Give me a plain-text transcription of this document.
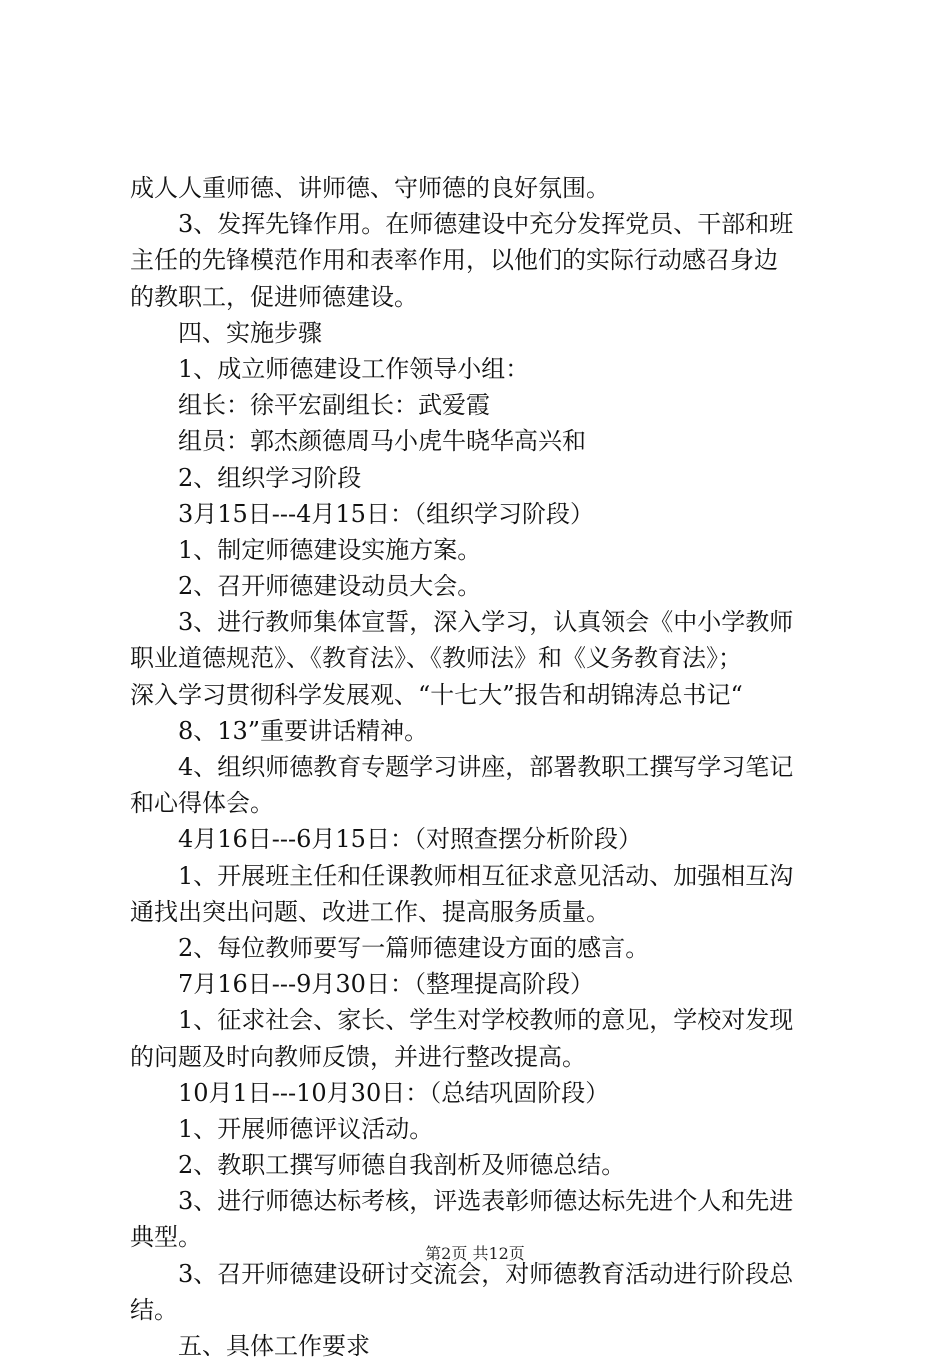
成人人重师德、讲师德、守师德的良好氛围。
3、发挥先锋作用。在师德建设中充分发挥党员、干部和班
主任的先锋模范作用和表率作用，以他们的实际行动感召身边
的教职工，促进师德建设。
四、实施步骤
1、成立师德建设工作领导小组：
组长：徐平宏副组长：武爱霞
组员：郭杰颜德周马小虎牛晓华高兴和
2、组织学习阶段
3月15日---4月15日：（组织学习阶段）
1、制定师德建设实施方案。
2、召开师德建设动员大会。
3、进行教师集体宣誓，深入学习，认真领会《中小学教师
职业道德规范》、《教育法》、《教师法》和《义务教育法》；
深入学习贯彻科学发展观、“十七大”报告和胡锦涛总书记“
8、13”重要讲话精神。
4、组织师德教育专题学习讲座，部署教职工撰写学习笔记
和心得体会。
4月16日---6月15日：（对照查摆分析阶段）
1、开展班主任和任课教师相互征求意见活动、加强相互沟
通找出突出问题、改进工作、提高服务质量。
2、每位教师要写一篇师德建设方面的感言。
7月16日---9月30日：（整理提高阶段）
1、征求社会、家长、学生对学校教师的意见，学校对发现
的问题及时向教师反馈，并进行整改提高。
10月1日---10月30日：（总结巩固阶段）
1、开展师德评议活动。
2、教职工撰写师德自我剖析及师德总结。
3、进行师德达标考核，评选表彰师德达标先进个人和先进
典型。
3、召开师德建设研讨交流会，对师德教育活动进行阶段总
结。
五、具体工作要求
第2页 共12页
